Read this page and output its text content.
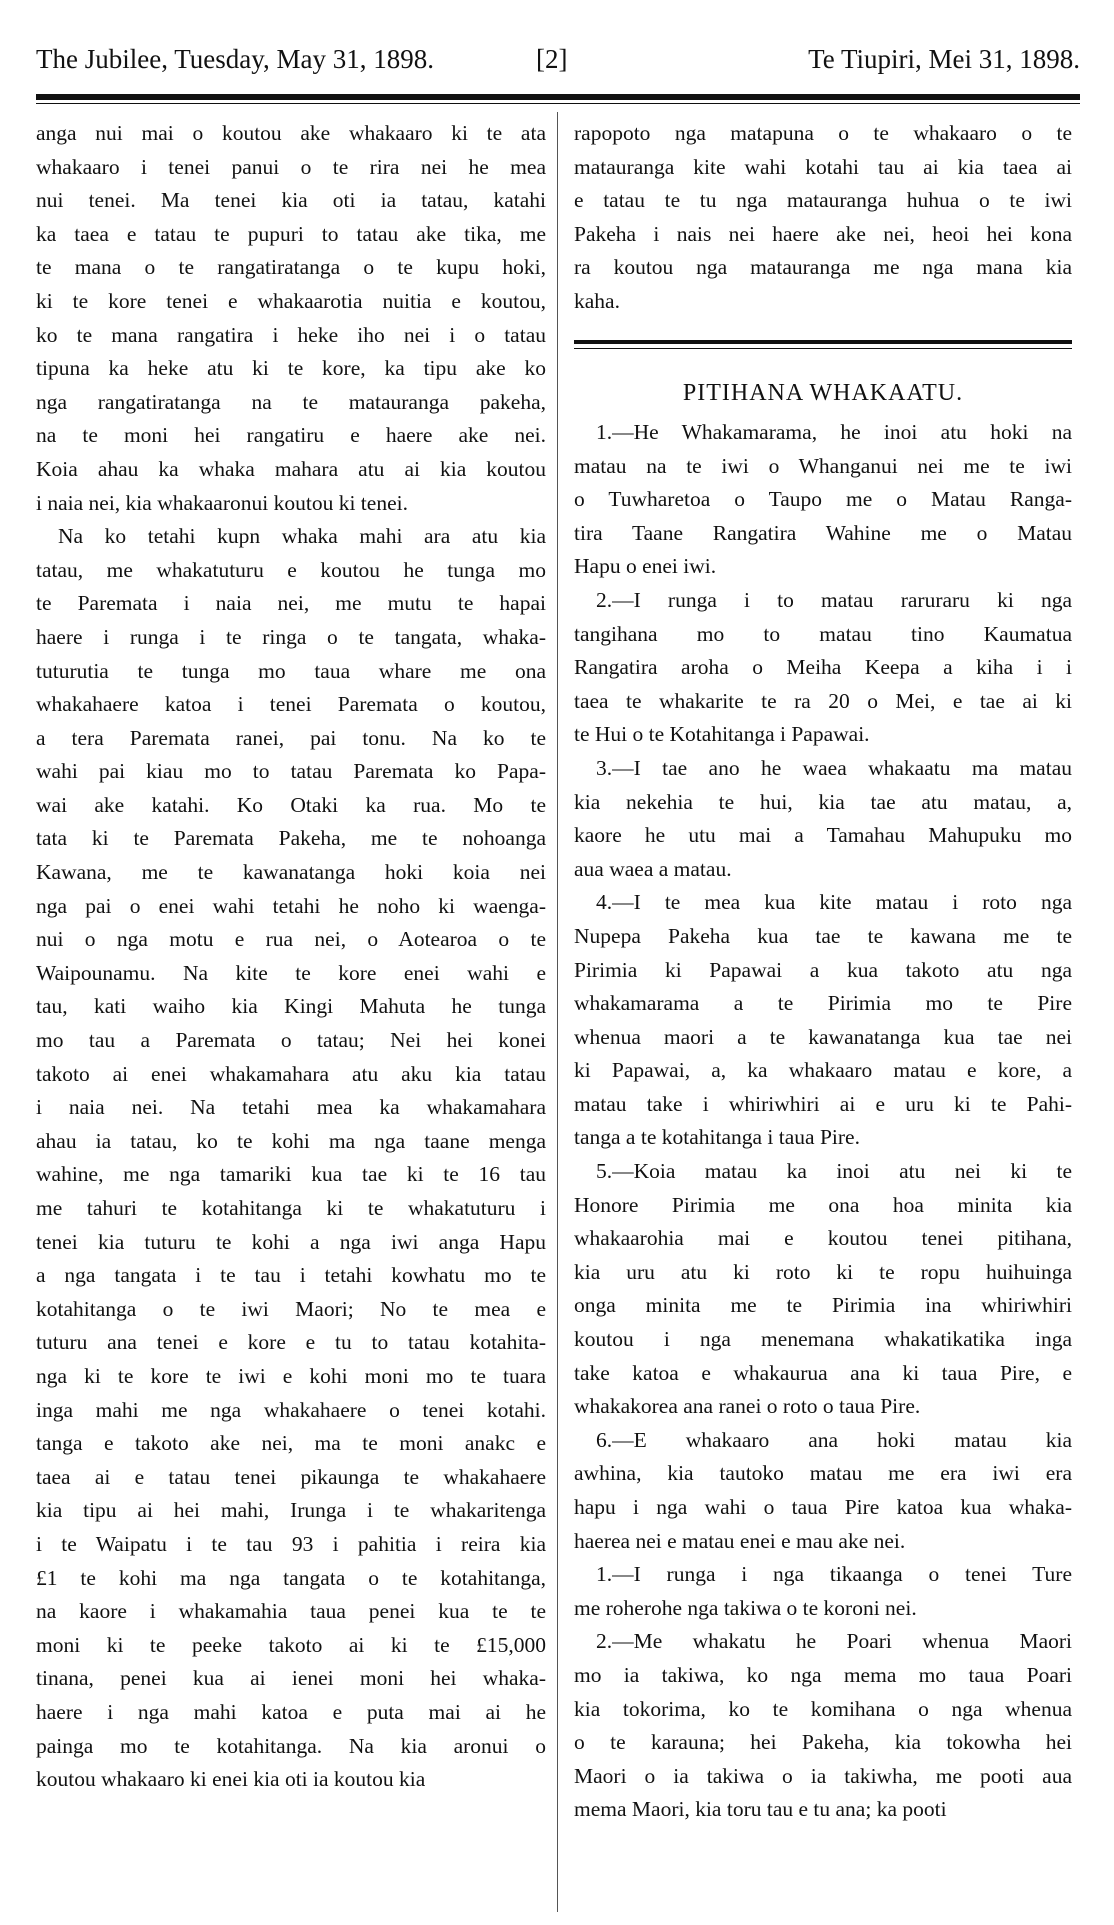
The Jubilee, Tuesday, May 31, 1898.	[2]	Te Tiupiri, Mei 31, 1898.
anga nui mai o koutou ake whakaaro ki te ata
whakaaro i tenei panui o te rira nei he mea
nui tenei. Ma tenei kia oti ia tatau, katahi
ka taea e tatau te pupuri to tatau ake tika, me
te mana o te rangatiratanga o te kupu hoki,
ki te kore tenei e whakaarotia nuitia e koutou,
ko te mana rangatira i heke iho nei i o tatau
tipuna ka heke atu ki te kore, ka tipu ake ko
nga rangatiratanga na te matauranga pakeha,
na te moni hei rangatiru e haere ake nei.
Koia ahau ka whaka mahara atu ai kia koutou
i naia nei, kia whakaaronui koutou ki tenei.
Na ko tetahi kupn whaka mahi ara atu kia
tatau, me whakatuturu e koutou he tunga mo
te Paremata i naia nei, me mutu te hapai
haere i runga i te ringa o te tangata, whaka-
tuturutia te tunga mo taua whare me ona
whakahaere katoa i tenei Paremata o koutou,
a tera Paremata ranei, pai tonu. Na ko te
wahi pai kiau mo to tatau Paremata ko Papa-
wai ake katahi. Ko Otaki ka rua. Mo te
tata ki te Paremata Pakeha, me te nohoanga
Kawana, me te kawanatanga hoki koia nei
nga pai o enei wahi tetahi he noho ki waenga-
nui o nga motu e rua nei, o Aotearoa o te
Waipounamu. Na kite te kore enei wahi e
tau, kati waiho kia Kingi Mahuta he tunga
mo tau a Paremata o tatau; Nei hei konei
takoto ai enei whakamahara atu aku kia tatau
i naia nei. Na tetahi mea ka whakamahara
ahau ia tatau, ko te kohi ma nga taane menga
wahine, me nga tamariki kua tae ki te 16 tau
me tahuri te kotahitanga ki te whakatuturu i
tenei kia tuturu te kohi a nga iwi anga Hapu
a nga tangata i te tau i tetahi kowhatu mo te
kotahitanga o te iwi Maori; No te mea e
tuturu ana tenei e kore e tu to tatau kotahita-
nga ki te kore te iwi e kohi moni mo te tuara
inga mahi me nga whakahaere o tenei kotahi.
tanga e takoto ake nei, ma te moni anakc e
taea ai e tatau tenei pikaunga te whakahaere
kia tipu ai hei mahi, Irunga i te whakaritenga
i te Waipatu i te tau 93 i pahitia i reira kia
£1 te kohi ma nga tangata o te kotahitanga,
na kaore i whakamahia taua penei kua te te
moni ki te peeke takoto ai ki te £15,000
tinana, penei kua ai ienei moni hei whaka-
haere i nga mahi katoa e puta mai ai he
painga mo te kotahitanga. Na kia aronui o
koutou whakaaro ki enei kia oti ia koutou kia
rapopoto nga matapuna o te whakaaro o te
matauranga kite wahi kotahi tau ai kia taea ai
e tatau te tu nga matauranga huhua o te iwi
Pakeha i nais nei haere ake nei, heoi hei kona
ra koutou nga matauranga me nga mana kia
kaha.
PITIHANA WHAKAATU.
1.—He Whakamarama, he inoi atu hoki na
matau na te iwi o Whanganui nei me te iwi
o Tuwharetoa o Taupo me o Matau Ranga-
tira Taane Rangatira Wahine me o Matau
Hapu o enei iwi.
2.—I runga i to matau raruraru ki nga
tangihana mo to matau tino Kaumatua
Rangatira aroha o Meiha Keepa a kiha i i
taea te whakarite te ra 20 o Mei, e tae ai ki
te Hui o te Kotahitanga i Papawai.
3.—I tae ano he waea whakaatu ma matau
kia nekehia te hui, kia tae atu matau, a,
kaore he utu mai a Tamahau Mahupuku mo
aua waea a matau.
4.—I te mea kua kite matau i roto nga
Nupepa Pakeha kua tae te kawana me te
Pirimia ki Papawai a kua takoto atu nga
whakamarama a te Pirimia mo te Pire
whenua maori a te kawanatanga kua tae nei
ki Papawai, a, ka whakaaro matau e kore, a
matau take i whiriwhiri ai e uru ki te Pahi-
tanga a te kotahitanga i taua Pire.
5.—Koia matau ka inoi atu nei ki te
Honore Pirimia me ona hoa minita kia
whakaarohia mai e koutou tenei pitihana,
kia uru atu ki roto ki te ropu huihuinga
onga minita me te Pirimia ina whiriwhiri
koutou i nga menemana whakatikatika inga
take katoa e whakaurua ana ki taua Pire, e
whakakorea ana ranei o roto o taua Pire.
6.—E whakaaro ana hoki matau kia
awhina, kia tautoko matau me era iwi era
hapu i nga wahi o taua Pire katoa kua whaka-
haerea nei e matau enei e mau ake nei.
1.—I runga i nga tikaanga o tenei Ture
me roherohe nga takiwa o te koroni nei.
2.—Me whakatu he Poari whenua Maori
mo ia takiwa, ko nga mema mo taua Poari
kia tokorima, ko te komihana o nga whenua
o te karauna; hei Pakeha, kia tokowha hei
Maori o ia takiwa o ia takiwha, me pooti aua
mema Maori, kia toru tau e tu ana; ka pooti
